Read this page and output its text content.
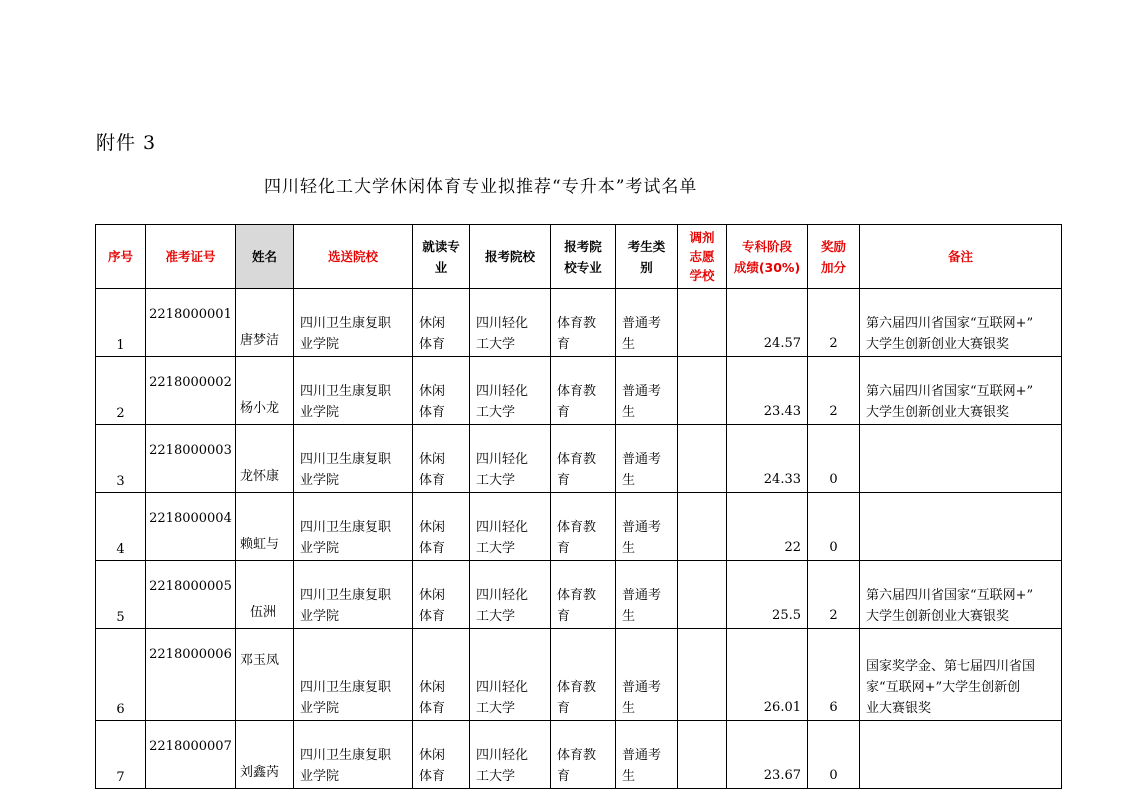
附件 3
四川轻化工大学休闲体育专业拟推荐“专升本”考试名单
序号	准考证号	姓名	选送院校	就读专
业	报考院校	报考院
校专业	考生类
别	调剂
志愿
学校	专科阶段
成绩(30%)	奖励
加分	备注
1	2218000001	唐梦洁	四川卫生康复职
业学院	休闲
体育	四川轻化
工大学	体育教
育	普通考
生		24.57	2	第六届四川省国家“互联网+”
大学生创新创业大赛银奖
2	2218000002	杨小龙	四川卫生康复职
业学院	休闲
体育	四川轻化
工大学	体育教
育	普通考
生		23.43	2	第六届四川省国家“互联网+”
大学生创新创业大赛银奖
3	2218000003	龙怀康	四川卫生康复职
业学院	休闲
体育	四川轻化
工大学	体育教
育	普通考
生		24.33	0	
4	2218000004	赖虹与	四川卫生康复职
业学院	休闲
体育	四川轻化
工大学	体育教
育	普通考
生		22	0	
5	2218000005	伍洲	四川卫生康复职
业学院	休闲
体育	四川轻化
工大学	体育教
育	普通考
生		25.5	2	第六届四川省国家“互联网+”
大学生创新创业大赛银奖
6	2218000006	邓玉凤	四川卫生康复职
业学院	休闲
体育	四川轻化
工大学	体育教
育	普通考
生		26.01	6	国家奖学金、第七届四川省国
家“互联网+”大学生创新创
业大赛银奖
7	2218000007	刘鑫芮	四川卫生康复职
业学院	休闲
体育	四川轻化
工大学	体育教
育	普通考
生		23.67	0	
